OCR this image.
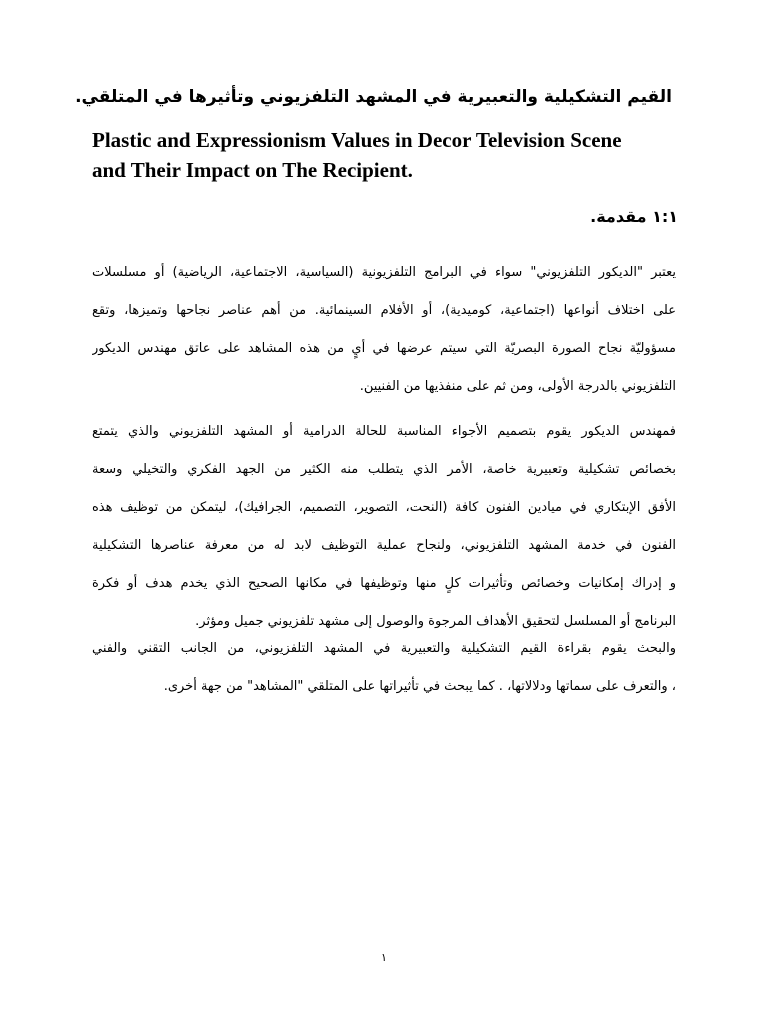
القيم التشكيلية والتعبيرية في المشهد التلفزيوني وتأثيرها في المتلقي.
Plastic and Expressionism Values in Decor Television Scene
and Their Impact on The Recipient.
١:١ مقدمة.
يعتبر "الديكور التلفزيوني" سواء في البرامج التلفزيونية (السياسية، الاجتماعية، الرياضية) أو مسلسلات
على اختلاف أنواعها (اجتماعية، كوميدية)، أو الأفلام السينمائية. من أهم عناصر نجاحها وتميزها، وتقع
مسؤوليّة نجاح الصورة البصريّة التي سيتم عرضها في أيٍ من هذه المشاهد على عاتق مهندس الديكور
التلفزيوني بالدرجة الأولى، ومن ثم على منفذيها من الفنيين.
فمهندس الديكور يقوم بتصميم الأجواء المناسبة للحالة الدرامية أو المشهد التلفزيوني والذي يتمتع
بخصائص تشكيلية وتعبيرية خاصة، الأمر الذي يتطلب منه الكثير من الجهد الفكري والتخيلي وسعة
الأفق الإبتكاري في ميادين الفنون كافة (النحت، التصوير، التصميم، الجرافيك)، ليتمكن من توظيف هذه
الفنون في خدمة المشهد التلفزيوني، ولنجاح عملية التوظيف لابد له من معرفة عناصرها التشكيلية
و إدراك إمكانيات وخصائص وتأثيرات كلٍ منها وتوظيفها في مكانها الصحيح الذي يخدم هدف أو فكرة
البرنامج أو المسلسل لتحقيق الأهداف المرجوة والوصول إلى مشهد تلفزيوني جميل ومؤثر.
والبحث يقوم بقراءة القيم التشكيلية والتعبيرية في المشهد التلفزيوني، من الجانب التقني والفني
، والتعرف على سماتها ودلالاتها، . كما يبحث في تأثيراتها على المتلقي "المشاهد" من جهة أخرى.
١
